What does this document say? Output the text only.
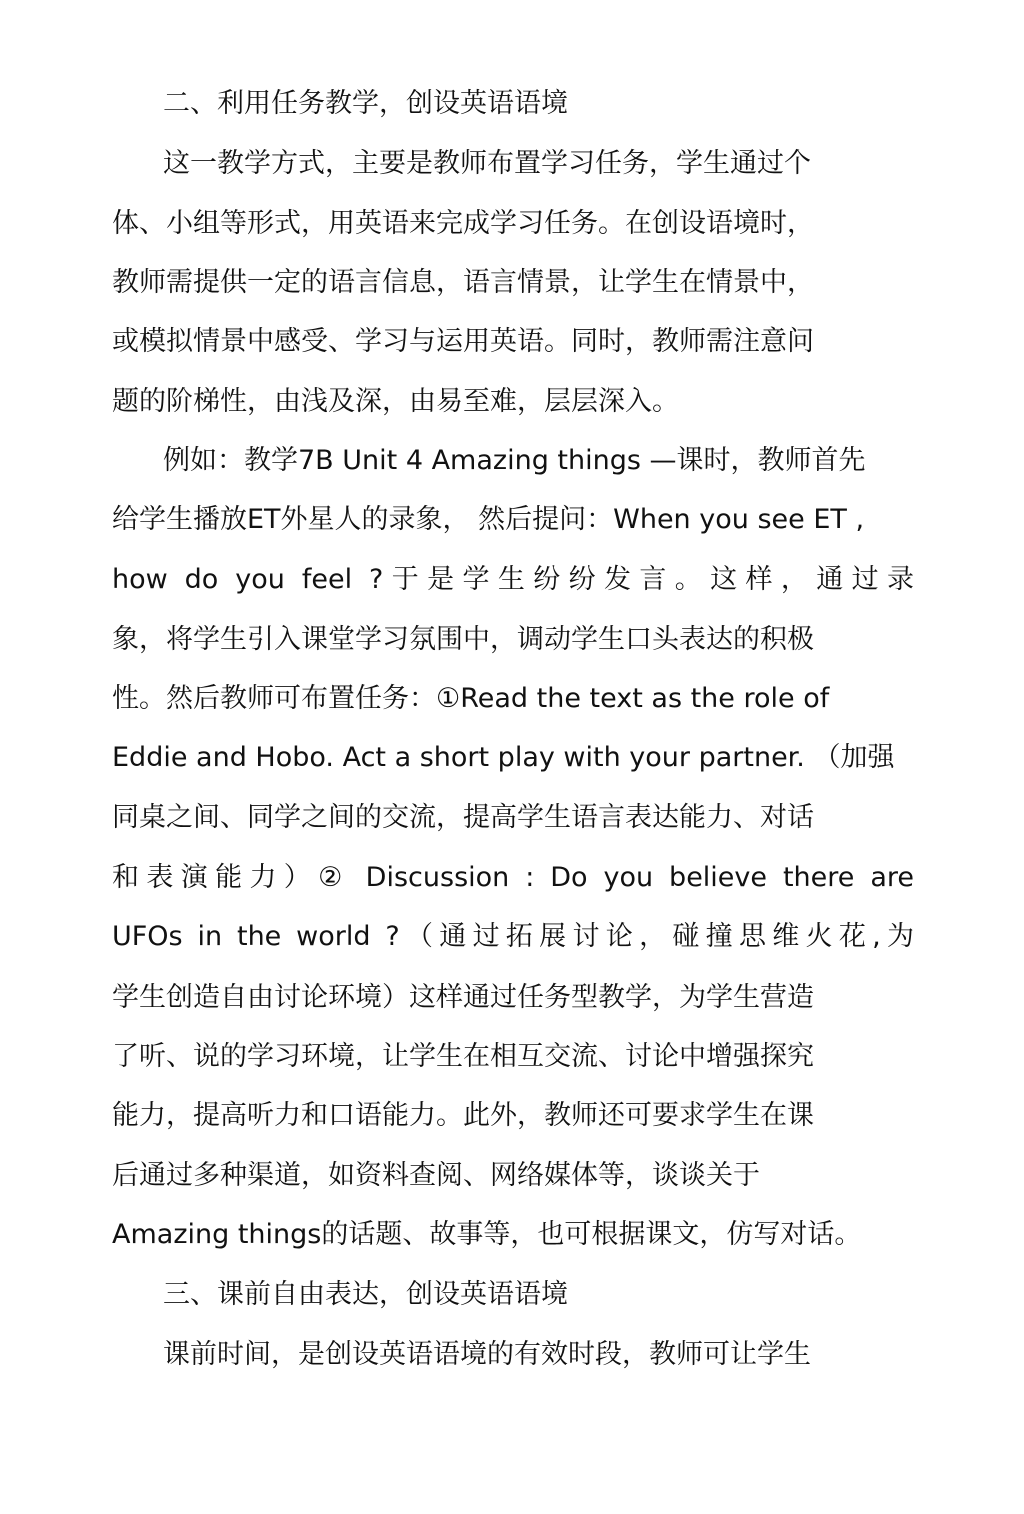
二、利用任务教学，创设英语语境
这一教学方式，主要是教师布置学习任务，学生通过个
体、小组等形式，用英语来完成学习任务。在创设语境时，
教师需提供一定的语言信息，语言情景，让学生在情景中，
或模拟情景中感受、学习与运用英语。同时，教师需注意问
题的阶梯性，由浅及深，由易至难，层层深入。
例如：教学7B Unit 4 Amazing things —课时，教师首先
给学生播放ET外星人的录象， 然后提问：When you see ET ,
how do you feel ?于是学生纷纷发言。这样，通过录
象，将学生引入课堂学习氛围中，调动学生口头表达的积极
性。然后教师可布置任务：①Read the text as the role of
Eddie and Hobo. Act a short play with your partner. （加强
同桌之间、同学之间的交流，提高学生语言表达能力、对话
和表演能力）② Discussion : Do you believe there are
UFOs in the world ?（通过拓展讨论，碰撞思维火花,为
学生创造自由讨论环境）这样通过任务型教学，为学生营造
了听、说的学习环境，让学生在相互交流、讨论中增强探究
能力，提高听力和口语能力。此外，教师还可要求学生在课
后通过多种渠道，如资料查阅、网络媒体等，谈谈关于
Amazing things的话题、故事等，也可根据课文，仿写对话。
三、课前自由表达，创设英语语境
课前时间，是创设英语语境的有效时段，教师可让学生
